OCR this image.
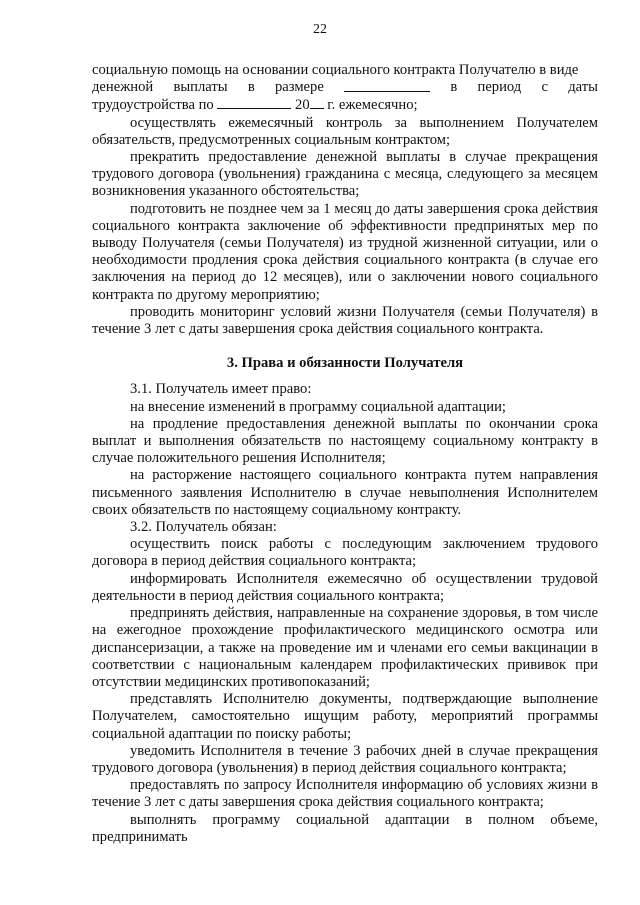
22

социальную помощь на основании социального контракта Получателю в виде

денежной выплаты в размере	в период с даты

трудоустройства по	20 г. ежемесячно;

осуществлять ежемесячный контроль за выполнением Получателем обязательств, предусмотренных социальным контрактом;

прекратить предоставление денежной выплаты в случае прекращения трудового договора (увольнения) гражданина с месяца, следующего за месяцем возникновения указанного обстоятельства;

подготовить не позднее чем за 1 месяц до даты завершения срока действия социального контракта заключение об эффективности предпринятых мер по выводу Получателя (семьи Получателя) из трудной жизненной ситуации, или о необходимости продления срока действия социального контракта (в случае его заключения на период до 12 месяцев), или о заключении нового социального контракта по другому мероприятию;

проводить мониторинг условий жизни Получателя (семьи Получателя) в течение 3 лет с даты завершения срока действия социального контракта.

3. Права и обязанности Получателя

3.1. Получатель имеет право:

на внесение изменений в программу социальной адаптации;

на продление предоставления денежной выплаты по окончании срока выплат и выполнения обязательств по настоящему социальному контракту в случае положительного решения Исполнителя;

на расторжение настоящего социального контракта путем направления письменного заявления Исполнителю в случае невыполнения Исполнителем своих обязательств по настоящему социальному контракту.

3.2. Получатель обязан:

осуществить поиск работы с последующим заключением трудового договора в период действия социального контракта;

информировать Исполнителя ежемесячно об осуществлении трудовой деятельности в период действия социального контракта;

предпринять действия, направленные на сохранение здоровья, в том числе на ежегодное прохождение профилактического медицинского осмотра или диспансеризации, а также на проведение им и членами его семьи вакцинации в соответствии с национальным календарем профилактических прививок при отсутствии медицинских противопоказаний;

представлять Исполнителю документы, подтверждающие выполнение Получателем, самостоятельно ищущим работу, мероприятий программы социальной адаптации по поиску работы;

уведомить Исполнителя в течение 3 рабочих дней в случае прекращения трудового договора (увольнения) в период действия социального контракта;

предоставлять по запросу Исполнителя информацию об условиях жизни в течение 3 лет с даты завершения срока действия социального контракта;

выполнять программу социальной адаптации в полном объеме, предпринимать
